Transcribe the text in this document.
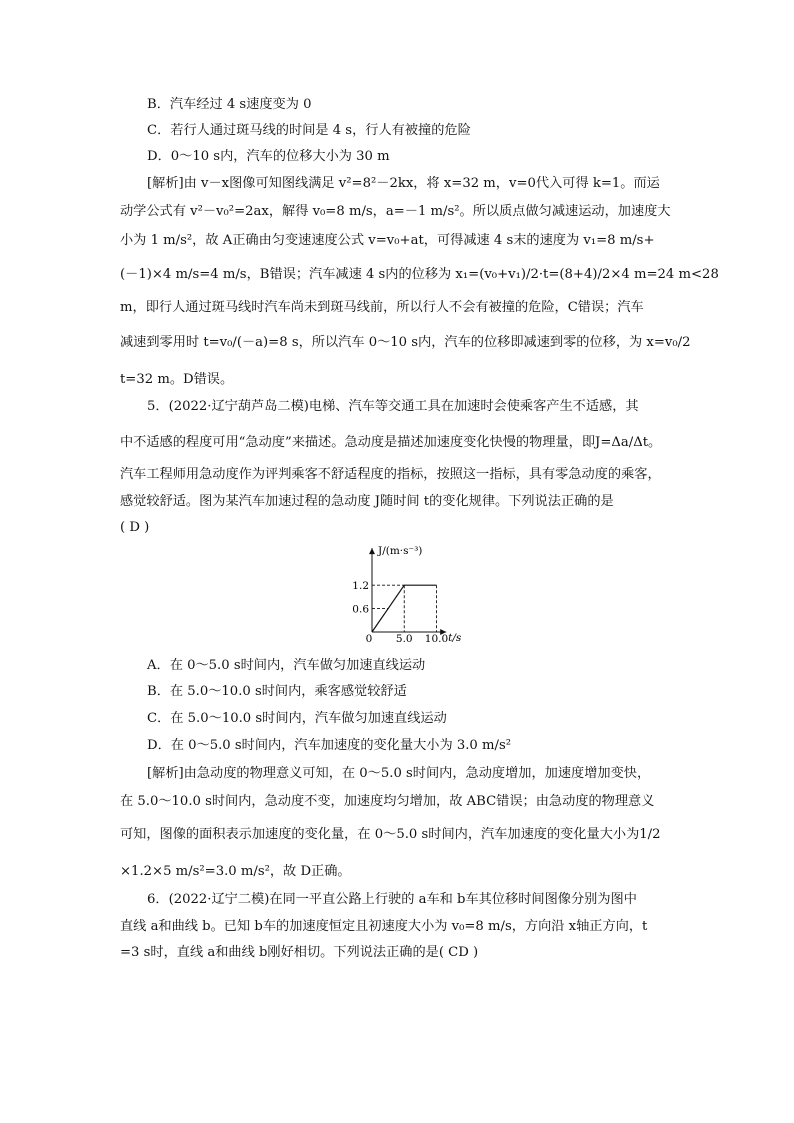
B．汽车经过 4 s速度变为 0
C．若行人通过斑马线的时间是 4 s，行人有被撞的危险
D．0～10 s内，汽车的位移大小为 30 m
[解析]由 v－x图像可知图线满足 v²=8²－2kx，将 x=32 m，v=0代入可得 k=1。而运
动学公式有 v²－v₀²=2ax，解得 v₀=8 m/s，a=－1 m/s²。所以质点做匀减速运动，加速度大
小为 1 m/s²，故 A正确由匀变速速度公式 v=v₀+at，可得减速 4 s末的速度为 v₁=8 m/s+
(－1)×4 m/s=4 m/s，B错误；汽车减速 4 s内的位移为 x₁=(v₀+v₁)/2·t=(8+4)/2×4 m=24 m<28
m，即行人通过斑马线时汽车尚未到斑马线前，所以行人不会有被撞的危险，C错误；汽车
减速到零用时 t=v₀/(－a)=8 s，所以汽车 0～10 s内，汽车的位移即减速到零的位移，为 x=v₀/2
t=32 m。D错误。
5．(2022·辽宁葫芦岛二模)电梯、汽车等交通工具在加速时会使乘客产生不适感，其
中不适感的程度可用“急动度”来描述。急动度是描述加速度变化快慢的物理量，即J=Δa/Δt。
汽车工程师用急动度作为评判乘客不舒适程度的指标，按照这一指标，具有零急动度的乘客，
感觉较舒适。图为某汽车加速过程的急动度 J随时间 t的变化规律。下列说法正确的是
( D )
J/(m·s⁻³)
t/s
0 5.0 10.0
0.6
1.2
A．在 0～5.0 s时间内，汽车做匀加速直线运动
B．在 5.0～10.0 s时间内，乘客感觉较舒适
C．在 5.0～10.0 s时间内，汽车做匀加速直线运动
D．在 0～5.0 s时间内，汽车加速度的变化量大小为 3.0 m/s²
[解析]由急动度的物理意义可知，在 0～5.0 s时间内，急动度增加，加速度增加变快，
在 5.0～10.0 s时间内，急动度不变，加速度均匀增加，故 ABC错误；由急动度的物理意义
可知，图像的面积表示加速度的变化量，在 0～5.0 s时间内，汽车加速度的变化量大小为1/2
×1.2×5 m/s²=3.0 m/s²，故 D正确。
6．(2022·辽宁二模)在同一平直公路上行驶的 a车和 b车其位移时间图像分别为图中
直线 a和曲线 b。已知 b车的加速度恒定且初速度大小为 v₀=8 m/s，方向沿 x轴正方向，t
=3 s时，直线 a和曲线 b刚好相切。下列说法正确的是( CD )
